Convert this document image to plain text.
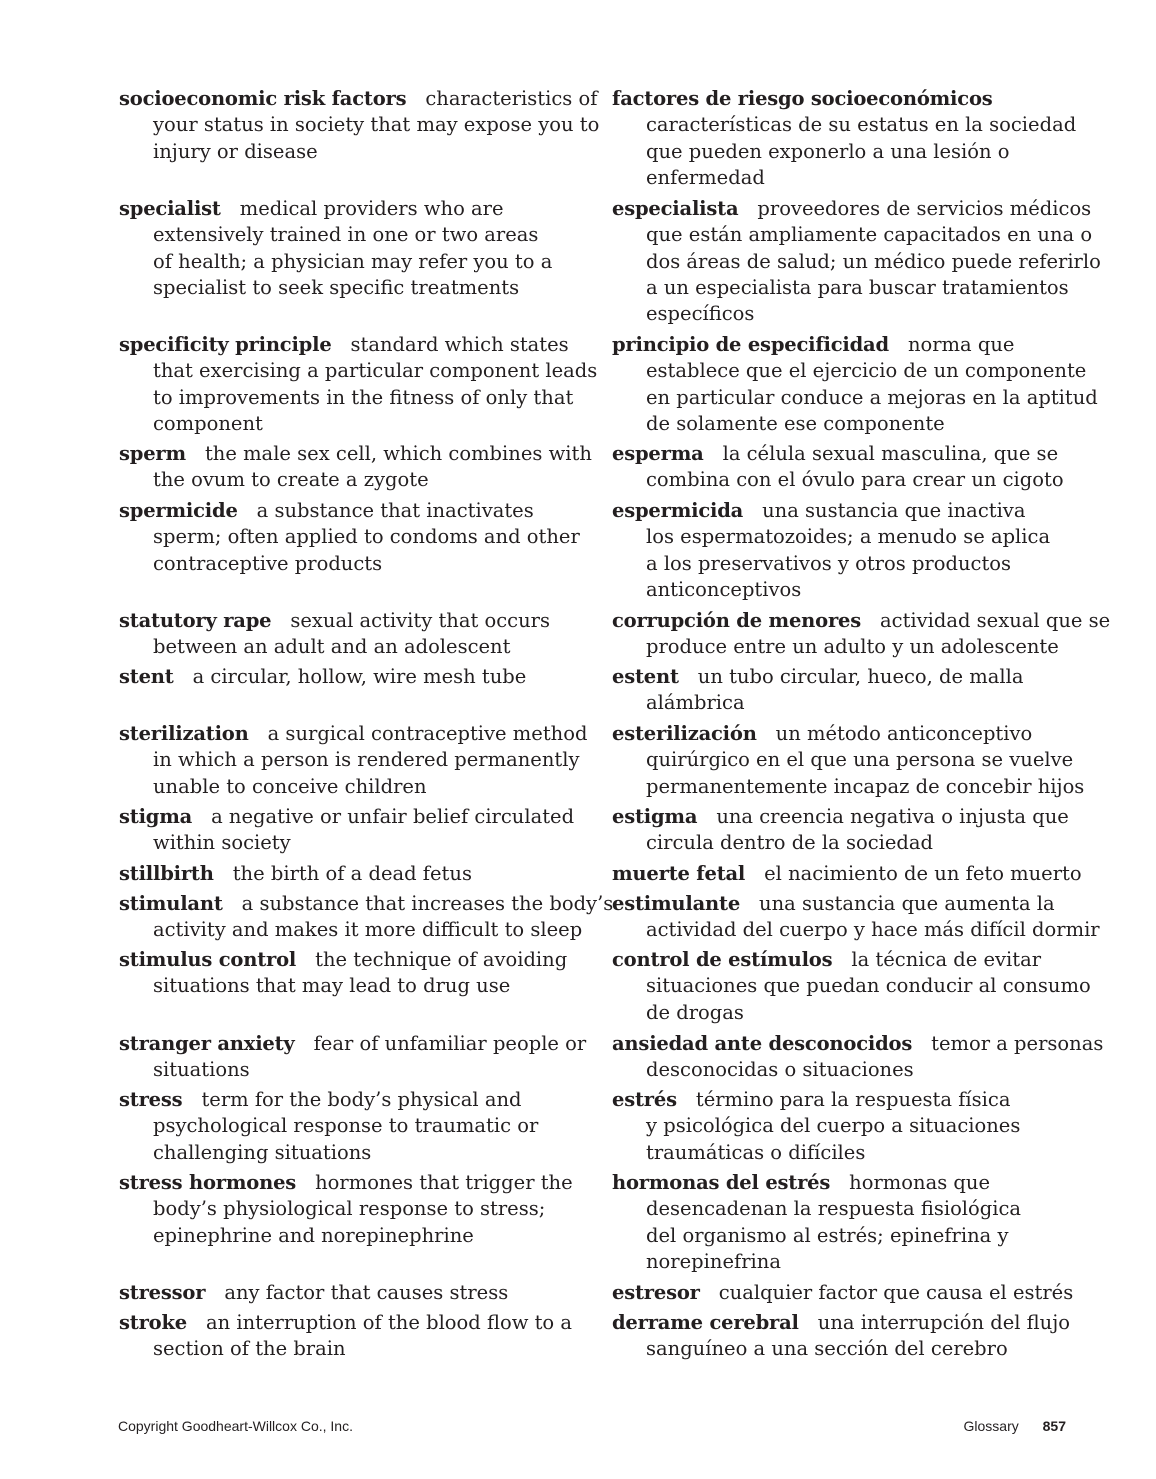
socioeconomic risk factors characteristics of
your status in society that may expose you to
injury or disease

specialist medical providers who are
extensively trained in one or two areas
of health; a physician may refer you to a
specialist to seek specific treatments

specificity principle standard which states
that exercising a particular component leads
to improvements in the fitness of only that
component

sperm the male sex cell, which combines with
the ovum to create a zygote

spermicide a substance that inactivates
sperm; often applied to condoms and other
contraceptive products

statutory rape sexual activity that occurs
between an adult and an adolescent

stent a circular, hollow, wire mesh tube

sterilization a surgical contraceptive method
in which a person is rendered permanently
unable to conceive children

stigma a negative or unfair belief circulated
within society

stillbirth the birth of a dead fetus

stimulant a substance that increases the body’s
activity and makes it more difficult to sleep

stimulus control the technique of avoiding
situations that may lead to drug use

stranger anxiety fear of unfamiliar people or
situations

stress term for the body’s physical and
psychological response to traumatic or
challenging situations

stress hormones hormones that trigger the
body’s physiological response to stress;
epinephrine and norepinephrine

stressor any factor that causes stress

stroke an interruption of the blood flow to a
section of the brain

factores de riesgo socioeconómicos
características de su estatus en la sociedad
que pueden exponerlo a una lesión o
enfermedad

especialista proveedores de servicios médicos
que están ampliamente capacitados en una o
dos áreas de salud; un médico puede referirlo
a un especialista para buscar tratamientos
específicos

principio de especificidad norma que
establece que el ejercicio de un componente
en particular conduce a mejoras en la aptitud
de solamente ese componente

esperma la célula sexual masculina, que se
combina con el óvulo para crear un cigoto

espermicida una sustancia que inactiva
los espermatozoides; a menudo se aplica
a los preservativos y otros productos
anticonceptivos

corrupción de menores actividad sexual que se
produce entre un adulto y un adolescente

estent un tubo circular, hueco, de malla
alámbrica

esterilización un método anticonceptivo
quirúrgico en el que una persona se vuelve
permanentemente incapaz de concebir hijos

estigma una creencia negativa o injusta que
circula dentro de la sociedad

muerte fetal el nacimiento de un feto muerto

estimulante una sustancia que aumenta la
actividad del cuerpo y hace más difícil dormir

control de estímulos la técnica de evitar
situaciones que puedan conducir al consumo
de drogas

ansiedad ante desconocidos temor a personas
desconocidas o situaciones

estrés término para la respuesta física
y psicológica del cuerpo a situaciones
traumáticas o difíciles

hormonas del estrés hormonas que
desencadenan la respuesta fisiológica
del organismo al estrés; epinefrina y
norepinefrina

estresor cualquier factor que causa el estrés

derrame cerebral una interrupción del flujo
sanguíneo a una sección del cerebro

Copyright Goodheart-Willcox Co., Inc.	Glossary 857
